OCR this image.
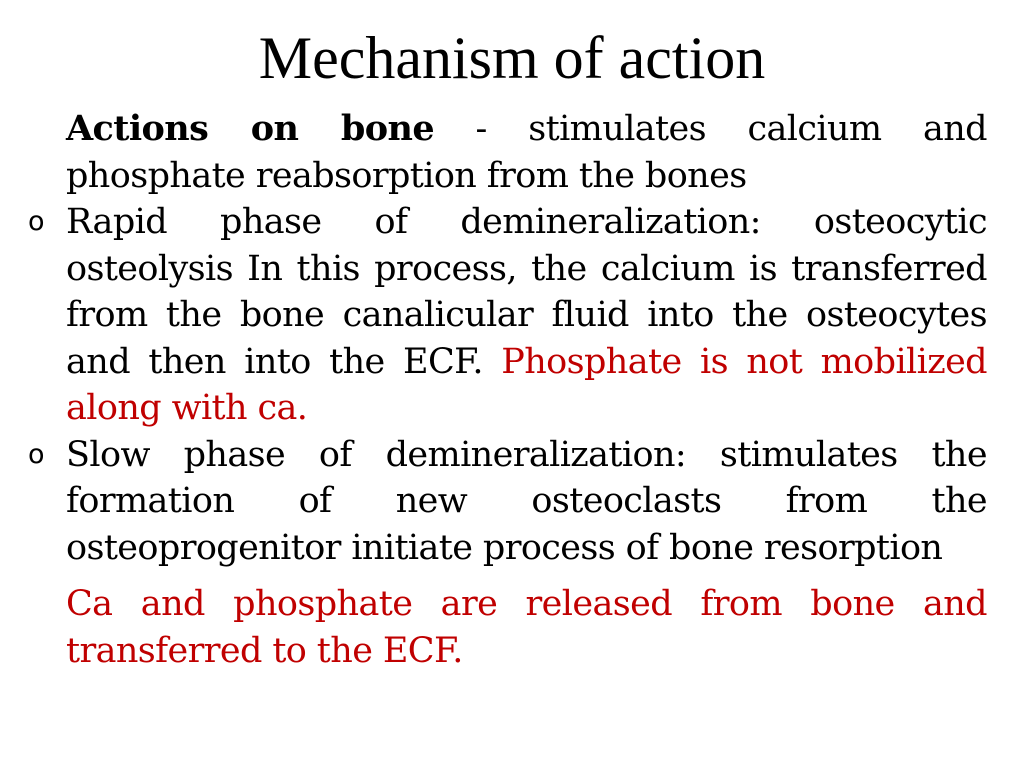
Mechanism of action

Actions on bone - stimulates calcium and phosphate reabsorption from the bones

o Rapid phase of demineralization: osteocytic osteolysis In this process, the calcium is transferred from the bone canalicular fluid into the osteocytes and then into the ECF. Phosphate is not mobilized along with ca.

o Slow phase of demineralization: stimulates the formation of new osteoclasts from the osteoprogenitor initiate process of bone resorption

Ca and phosphate are released from bone and transferred to the ECF.
